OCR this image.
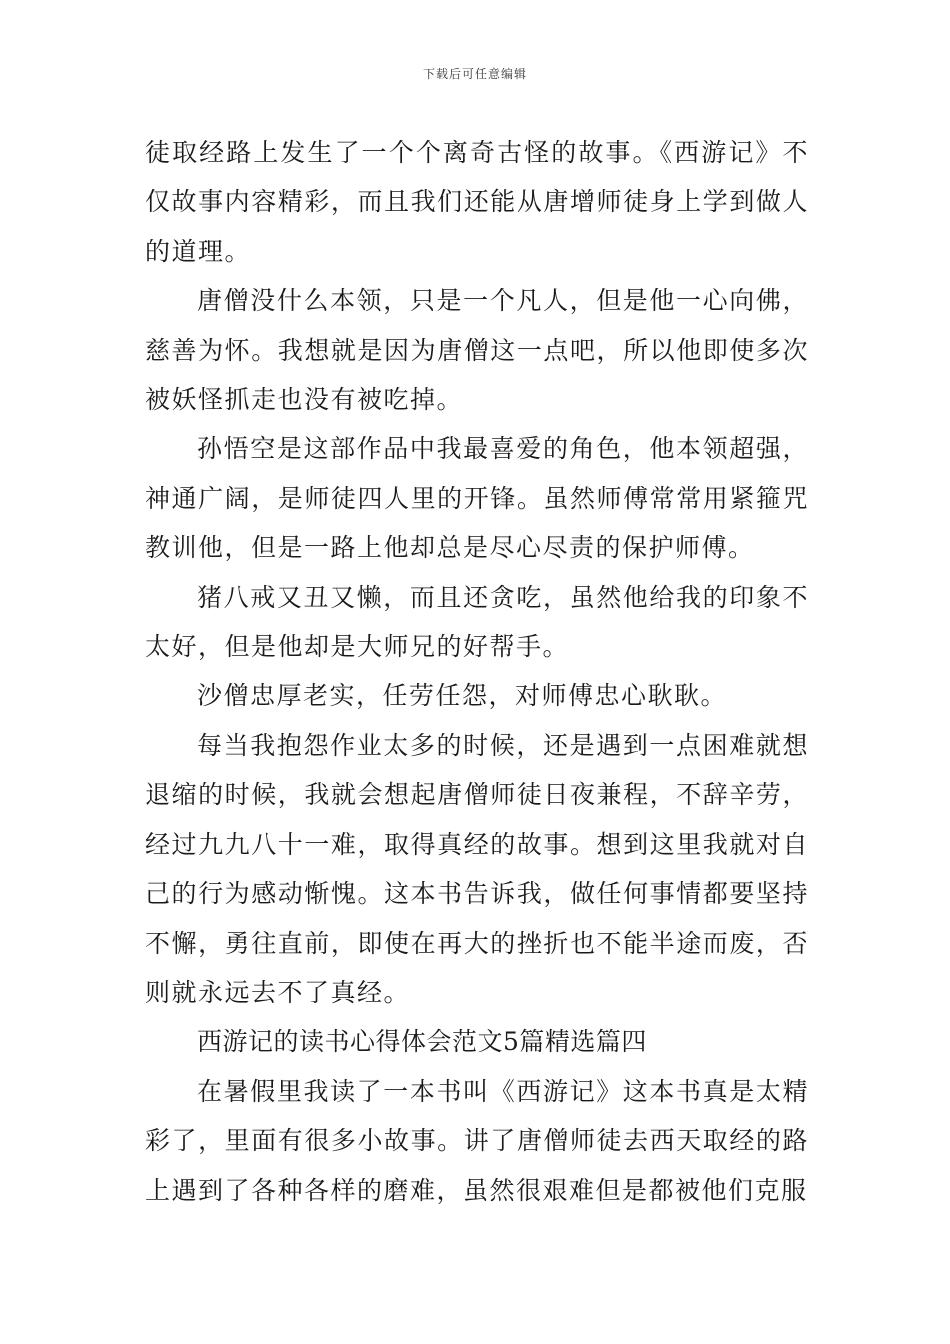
下载后可任意编辑

徒取经路上发生了一个个离奇古怪的故事。《西游记》不仅故事内容精彩，而且我们还能从唐增师徒身上学到做人的道理。

唐僧没什么本领，只是一个凡人，但是他一心向佛，慈善为怀。我想就是因为唐僧这一点吧，所以他即使多次被妖怪抓走也没有被吃掉。

孙悟空是这部作品中我最喜爱的角色，他本领超强，神通广阔，是师徒四人里的开锋。虽然师傅常常用紧箍咒教训他，但是一路上他却总是尽心尽责的保护师傅。

猪八戒又丑又懒，而且还贪吃，虽然他给我的印象不太好，但是他却是大师兄的好帮手。

沙僧忠厚老实，任劳任怨，对师傅忠心耿耿。

每当我抱怨作业太多的时候，还是遇到一点困难就想退缩的时候，我就会想起唐僧师徒日夜兼程，不辞辛劳，经过九九八十一难，取得真经的故事。想到这里我就对自己的行为感动惭愧。这本书告诉我，做任何事情都要坚持不懈，勇往直前，即使在再大的挫折也不能半途而废，否则就永远去不了真经。

西游记的读书心得体会范文5篇精选篇四

在暑假里我读了一本书叫《西游记》这本书真是太精彩了，里面有很多小故事。讲了唐僧师徒去西天取经的路上遇到了各种各样的磨难，虽然很艰难但是都被他们克服
